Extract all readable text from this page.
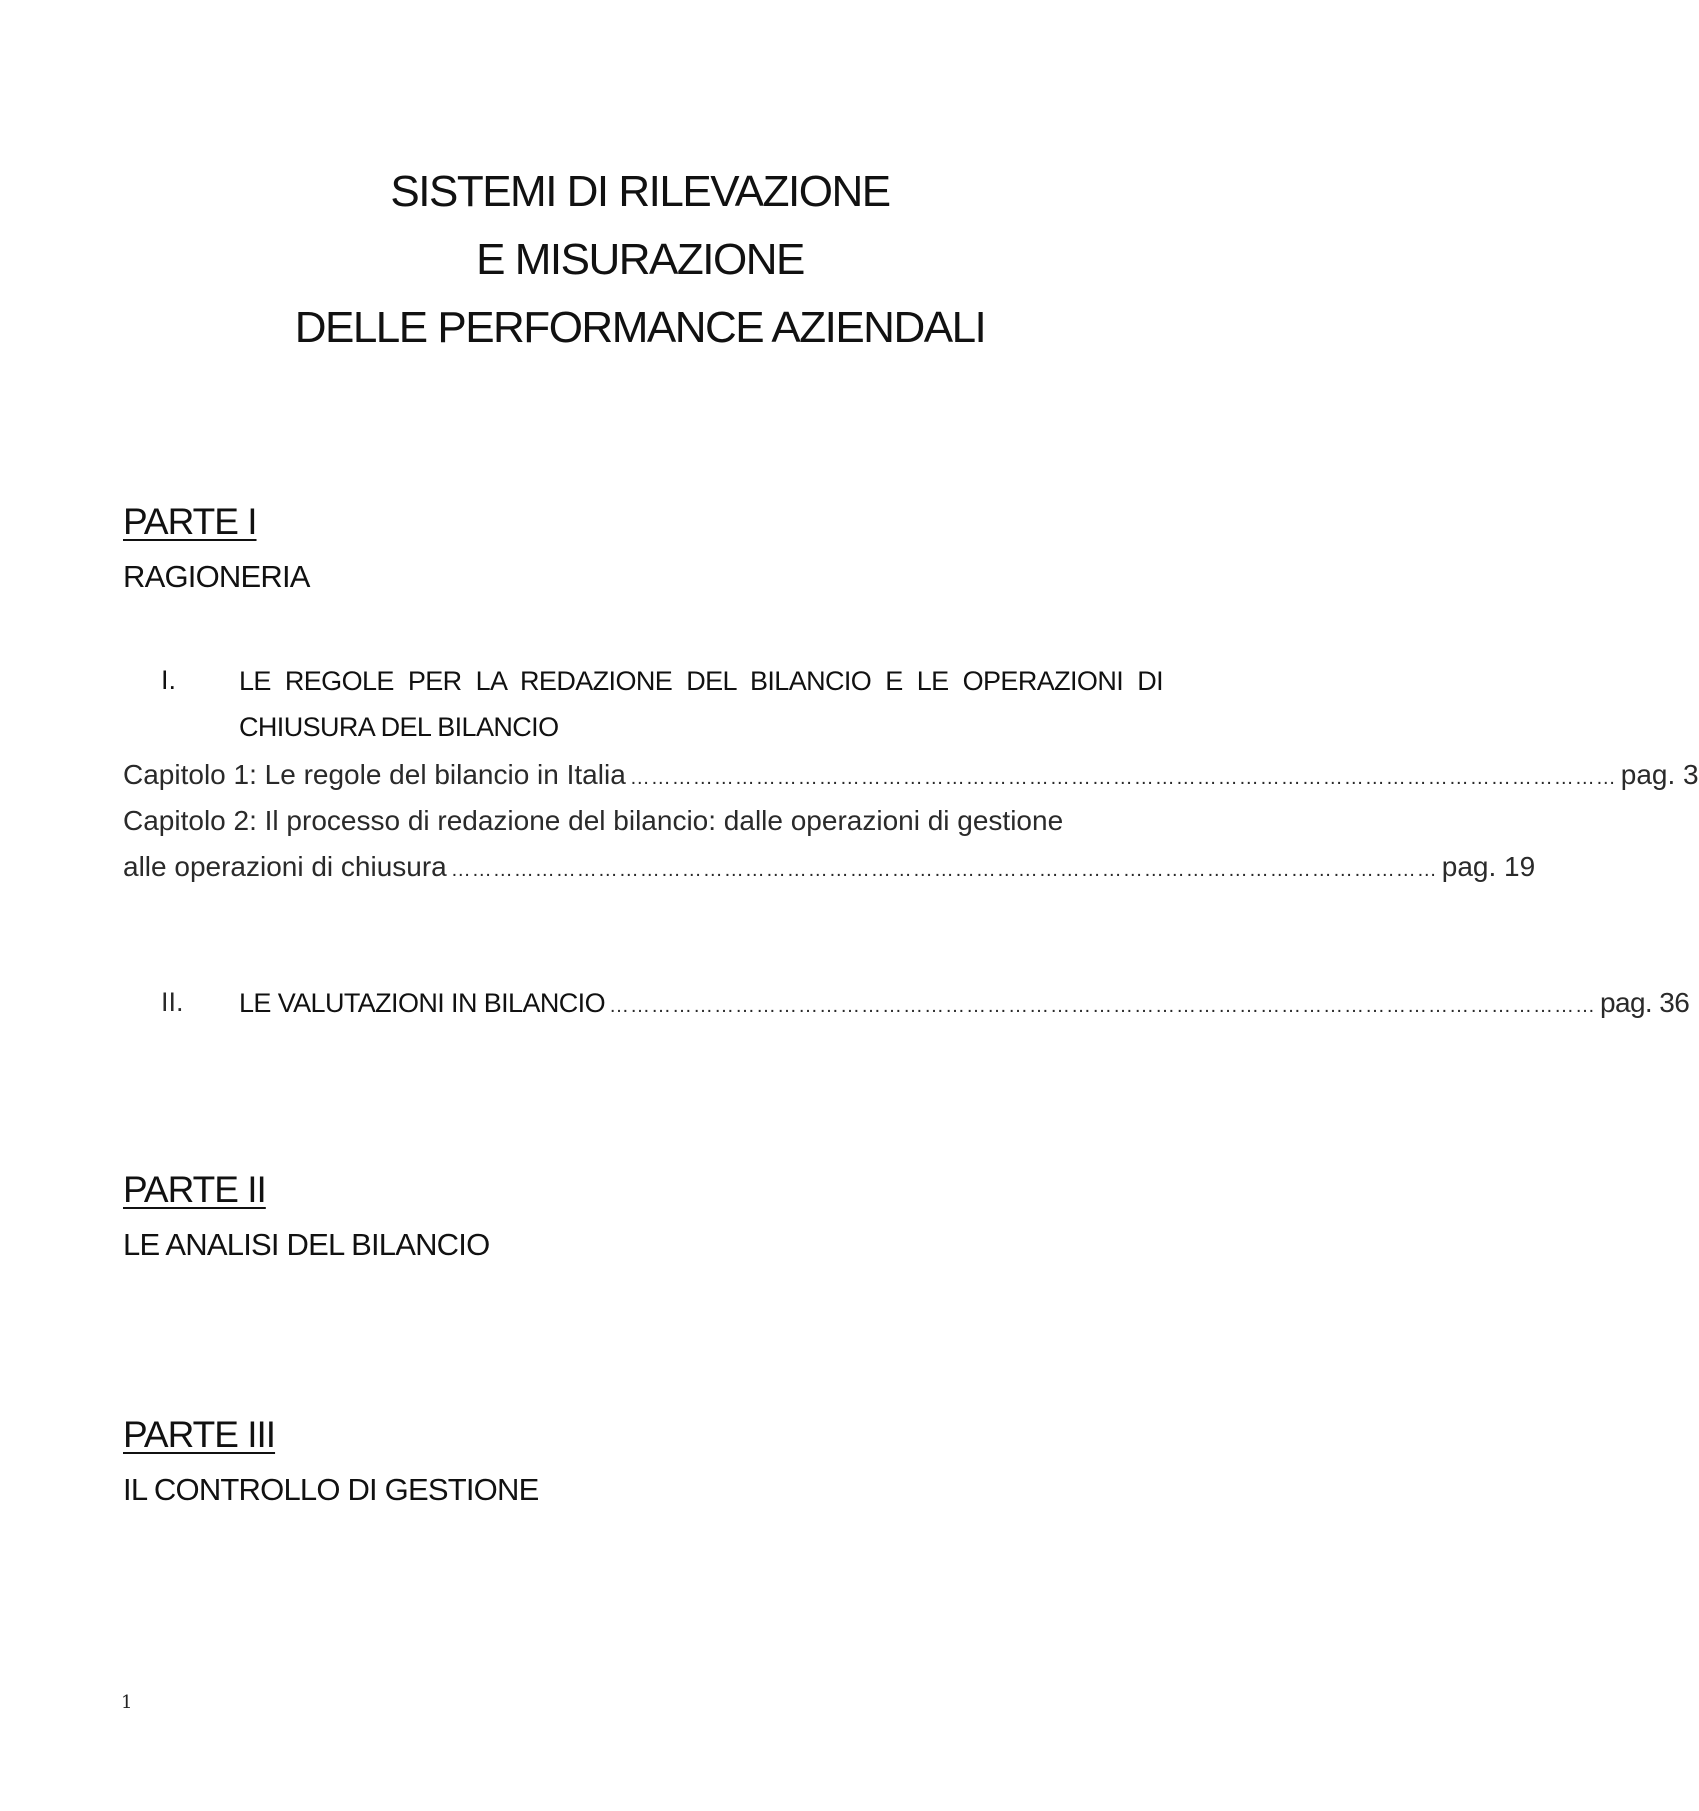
SISTEMI DI RILEVAZIONE
E MISURAZIONE
DELLE PERFORMANCE AZIENDALI
PARTE I
RAGIONERIA
I. LE REGOLE PER LA REDAZIONE DEL BILANCIO E LE OPERAZIONI DI CHIUSURA DEL BILANCIO
Capitolo 1: Le regole del bilancio in Italia …………………………………………………………………………………………………………………………… pag. 3
Capitolo 2: Il processo di redazione del bilancio: dalle operazioni di gestione
alle operazioni di chiusura …………………………………………………………………………………………………………………………… pag. 19
II. LE VALUTAZIONI IN BILANCIO …………………………………………………………………………………………………………………………… pag. 36
PARTE II
LE ANALISI DEL BILANCIO
PARTE III
IL CONTROLLO DI GESTIONE
1
